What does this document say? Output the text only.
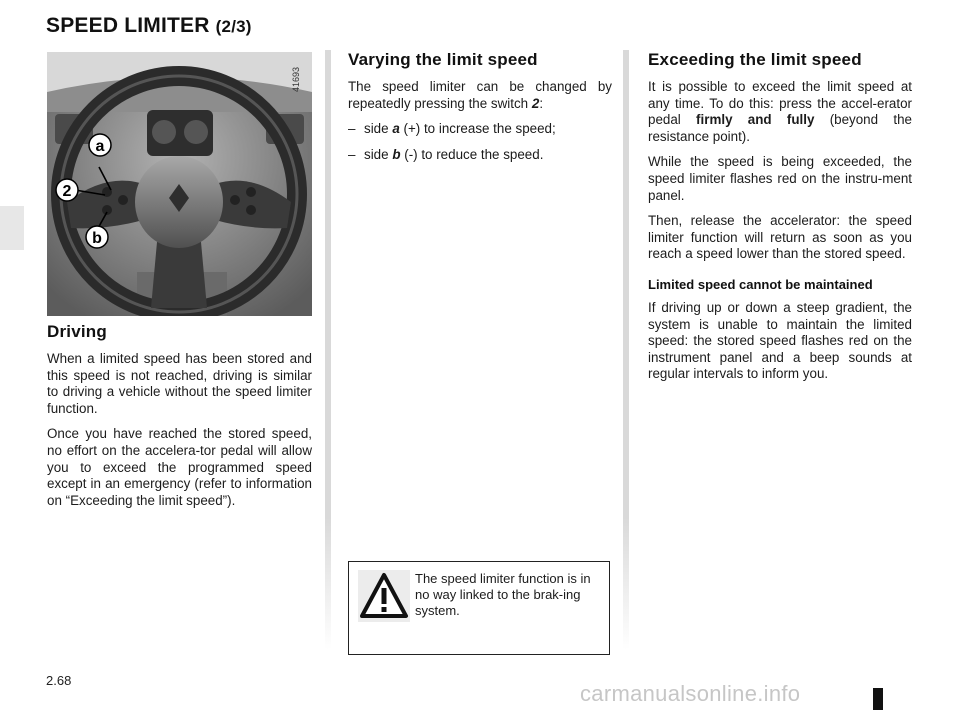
SPEED LIMITER (2/3)
a
2
b
41693
Driving

When a limited speed has been stored and this speed is not reached, driving is similar to driving a vehicle without the speed limiter function.

Once you have reached the stored speed, no effort on the accelera-tor pedal will allow you to exceed the programmed speed except in an emergency (refer to information on “Exceeding the limit speed”).

Varying the limit speed

The speed limiter can be changed by repeatedly pressing the switch 2:

– side a (+) to increase the speed;
– side b (-) to reduce the speed.
The speed limiter function is in no way linked to the brak-ing system.
Exceeding the limit speed

It is possible to exceed the limit speed at any time. To do this: press the accel-erator pedal firmly and fully (beyond the resistance point).

While the speed is being exceeded, the speed limiter flashes red on the instru-ment panel.

Then, release the accelerator: the speed limiter function will return as soon as you reach a speed lower than the stored speed.

Limited speed cannot be maintained

If driving up or down a steep gradient, the system is unable to maintain the limited speed: the stored speed flashes red on the instrument panel and a beep sounds at regular intervals to inform you.

2.68
carmanualsonline.info
